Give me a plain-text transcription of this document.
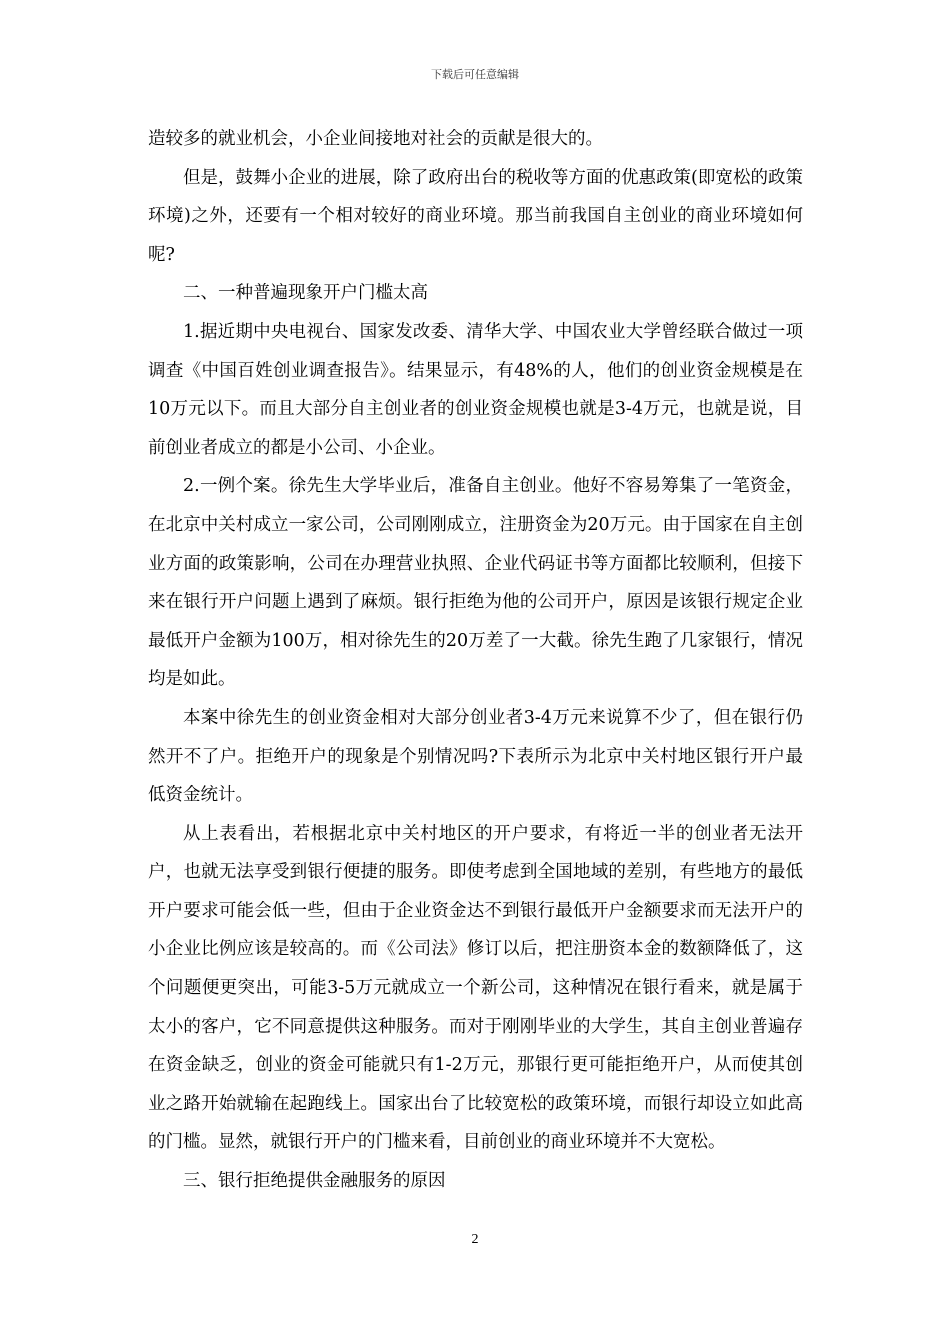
下载后可任意编辑

造较多的就业机会，小企业间接地对社会的贡献是很大的。

但是，鼓舞小企业的进展，除了政府出台的税收等方面的优惠政策(即宽松的政策环境)之外，还要有一个相对较好的商业环境。那当前我国自主创业的商业环境如何呢?

二、一种普遍现象开户门槛太高

1.据近期中央电视台、国家发改委、清华大学、中国农业大学曾经联合做过一项调查《中国百姓创业调查报告》。结果显示，有48%的人，他们的创业资金规模是在10万元以下。而且大部分自主创业者的创业资金规模也就是3-4万元，也就是说，目前创业者成立的都是小公司、小企业。

2.一例个案。徐先生大学毕业后，准备自主创业。他好不容易筹集了一笔资金，在北京中关村成立一家公司，公司刚刚成立，注册资金为20万元。由于国家在自主创业方面的政策影响，公司在办理营业执照、企业代码证书等方面都比较顺利，但接下来在银行开户问题上遇到了麻烦。银行拒绝为他的公司开户，原因是该银行规定企业最低开户金额为100万，相对徐先生的20万差了一大截。徐先生跑了几家银行，情况均是如此。

本案中徐先生的创业资金相对大部分创业者3-4万元来说算不少了，但在银行仍然开不了户。拒绝开户的现象是个别情况吗?下表所示为北京中关村地区银行开户最低资金统计。

从上表看出，若根据北京中关村地区的开户要求，有将近一半的创业者无法开户，也就无法享受到银行便捷的服务。即使考虑到全国地域的差别，有些地方的最低开户要求可能会低一些，但由于企业资金达不到银行最低开户金额要求而无法开户的小企业比例应该是较高的。而《公司法》修订以后，把注册资本金的数额降低了，这个问题便更突出，可能3-5万元就成立一个新公司，这种情况在银行看来，就是属于太小的客户，它不同意提供这种服务。而对于刚刚毕业的大学生，其自主创业普遍存在资金缺乏，创业的资金可能就只有1-2万元，那银行更可能拒绝开户，从而使其创业之路开始就输在起跑线上。国家出台了比较宽松的政策环境，而银行却设立如此高的门槛。显然，就银行开户的门槛来看，目前创业的商业环境并不大宽松。

三、银行拒绝提供金融服务的原因

2
